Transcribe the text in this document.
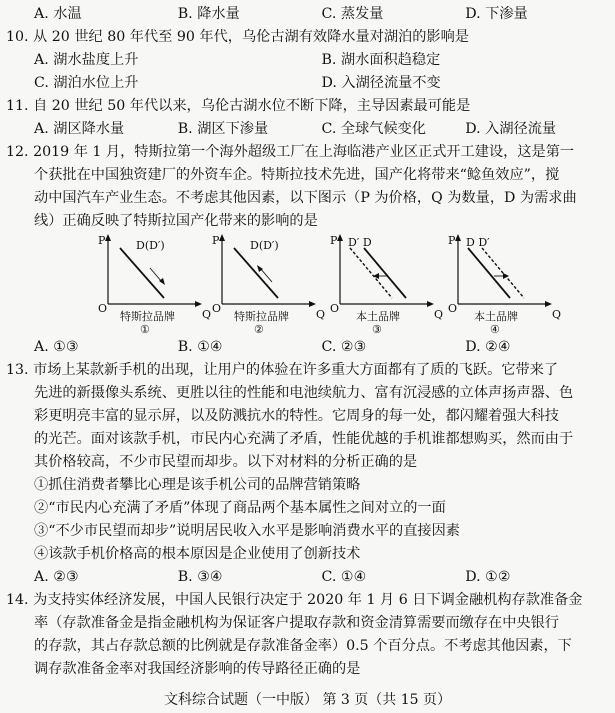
A. 水温	B. 降水量	C. 蒸发量	D. 下渗量
10. 从 20 世纪 80 年代至 90 年代，乌伦古湖有效降水量对湖泊的影响是
A. 湖水盐度上升	B. 湖水面积趋稳定
C. 湖泊水位上升	D. 入湖径流量不变
11. 自 20 世纪 50 年代以来，乌伦古湖水位不断下降，主导因素最可能是
A. 湖区降水量	B. 湖区下渗量	C. 全球气候变化	D. 入湖径流量
12. 2019 年 1 月，特斯拉第一个海外超级工厂在上海临港产业区正式开工建设，这是第一
个获批在中国独资建厂的外资车企。特斯拉技术先进，国产化将带来“鲶鱼效应”，搅
动中国汽车产业生态。不考虑其他因素，以下图示（P 为价格，Q 为数量，D 为需求曲
线）正确反映了特斯拉国产化带来的影响的是
P
Q
O
D(D′)
特斯拉品牌
①
P
Q
O
D(D′)
特斯拉品牌
②
P
Q
O
D′ D
本土品牌
③
P
Q
O
D D′
本土品牌
④
A. ①③	B. ①④	C. ②③	D. ②④
13. 市场上某款新手机的出现，让用户的体验在许多重大方面都有了质的飞跃。它带来了
先进的新摄像头系统、更胜以往的性能和电池续航力、富有沉浸感的立体声扬声器、色
彩更明亮丰富的显示屏，以及防溅抗水的特性。它周身的每一处，都闪耀着强大科技
的光芒。面对该款手机，市民内心充满了矛盾，性能优越的手机谁都想购买，然而由于
其价格较高，不少市民望而却步。以下对材料的分析正确的是
①抓住消费者攀比心理是该手机公司的品牌营销策略
②“市民内心充满了矛盾”体现了商品两个基本属性之间对立的一面
③“不少市民望而却步”说明居民收入水平是影响消费水平的直接因素
④该款手机价格高的根本原因是企业使用了创新技术
A. ②③	B. ③④	C. ①④	D. ①②
14. 为支持实体经济发展，中国人民银行决定于 2020 年 1 月 6 日下调金融机构存款准备金
率（存款准备金是指金融机构为保证客户提取存款和资金清算需要而缴存在中央银行
的存款，其占存款总额的比例就是存款准备金率）0.5 个百分点。不考虑其他因素，下
调存款准备金率对我国经济影响的传导路径正确的是
文科综合试题（一中版） 第 3 页（共 15 页）
